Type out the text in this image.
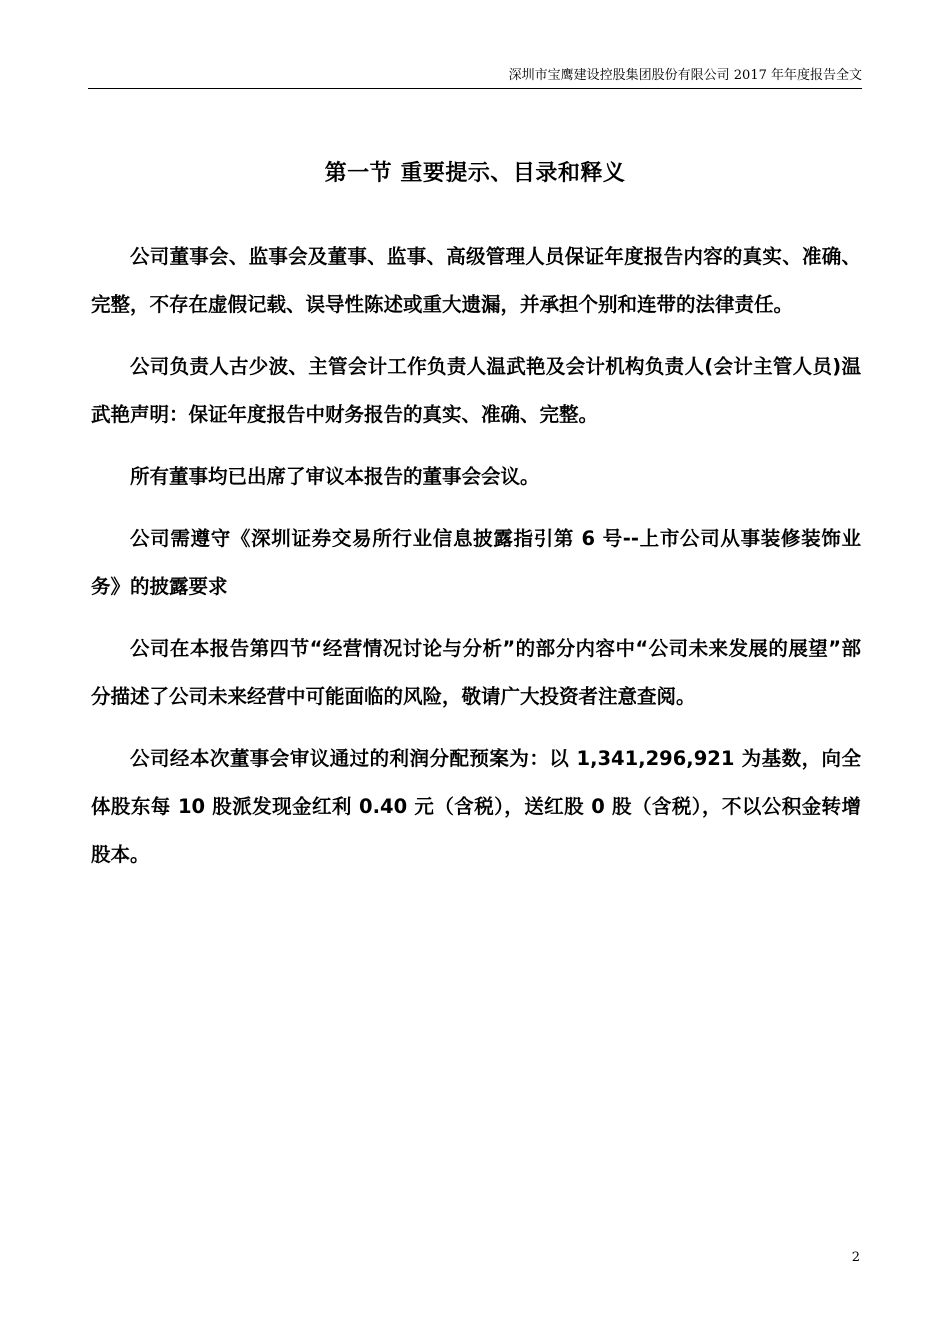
深圳市宝鹰建设控股集团股份有限公司 2017 年年度报告全文
第一节 重要提示、目录和释义

公司董事会、监事会及董事、监事、高级管理人员保证年度报告内容的真实、准确、完整，不存在虚假记载、误导性陈述或重大遗漏，并承担个别和连带的法律责任。

公司负责人古少波、主管会计工作负责人温武艳及会计机构负责人(会计主管人员)温武艳声明：保证年度报告中财务报告的真实、准确、完整。

所有董事均已出席了审议本报告的董事会会议。

公司需遵守《深圳证券交易所行业信息披露指引第 6 号--上市公司从事装修装饰业务》的披露要求

公司在本报告第四节“经营情况讨论与分析”的部分内容中“公司未来发展的展望”部分描述了公司未来经营中可能面临的风险，敬请广大投资者注意查阅。

公司经本次董事会审议通过的利润分配预案为：以 1,341,296,921 为基数，向全体股东每 10 股派发现金红利 0.40 元（含税），送红股 0 股（含税），不以公积金转增股本。

2
